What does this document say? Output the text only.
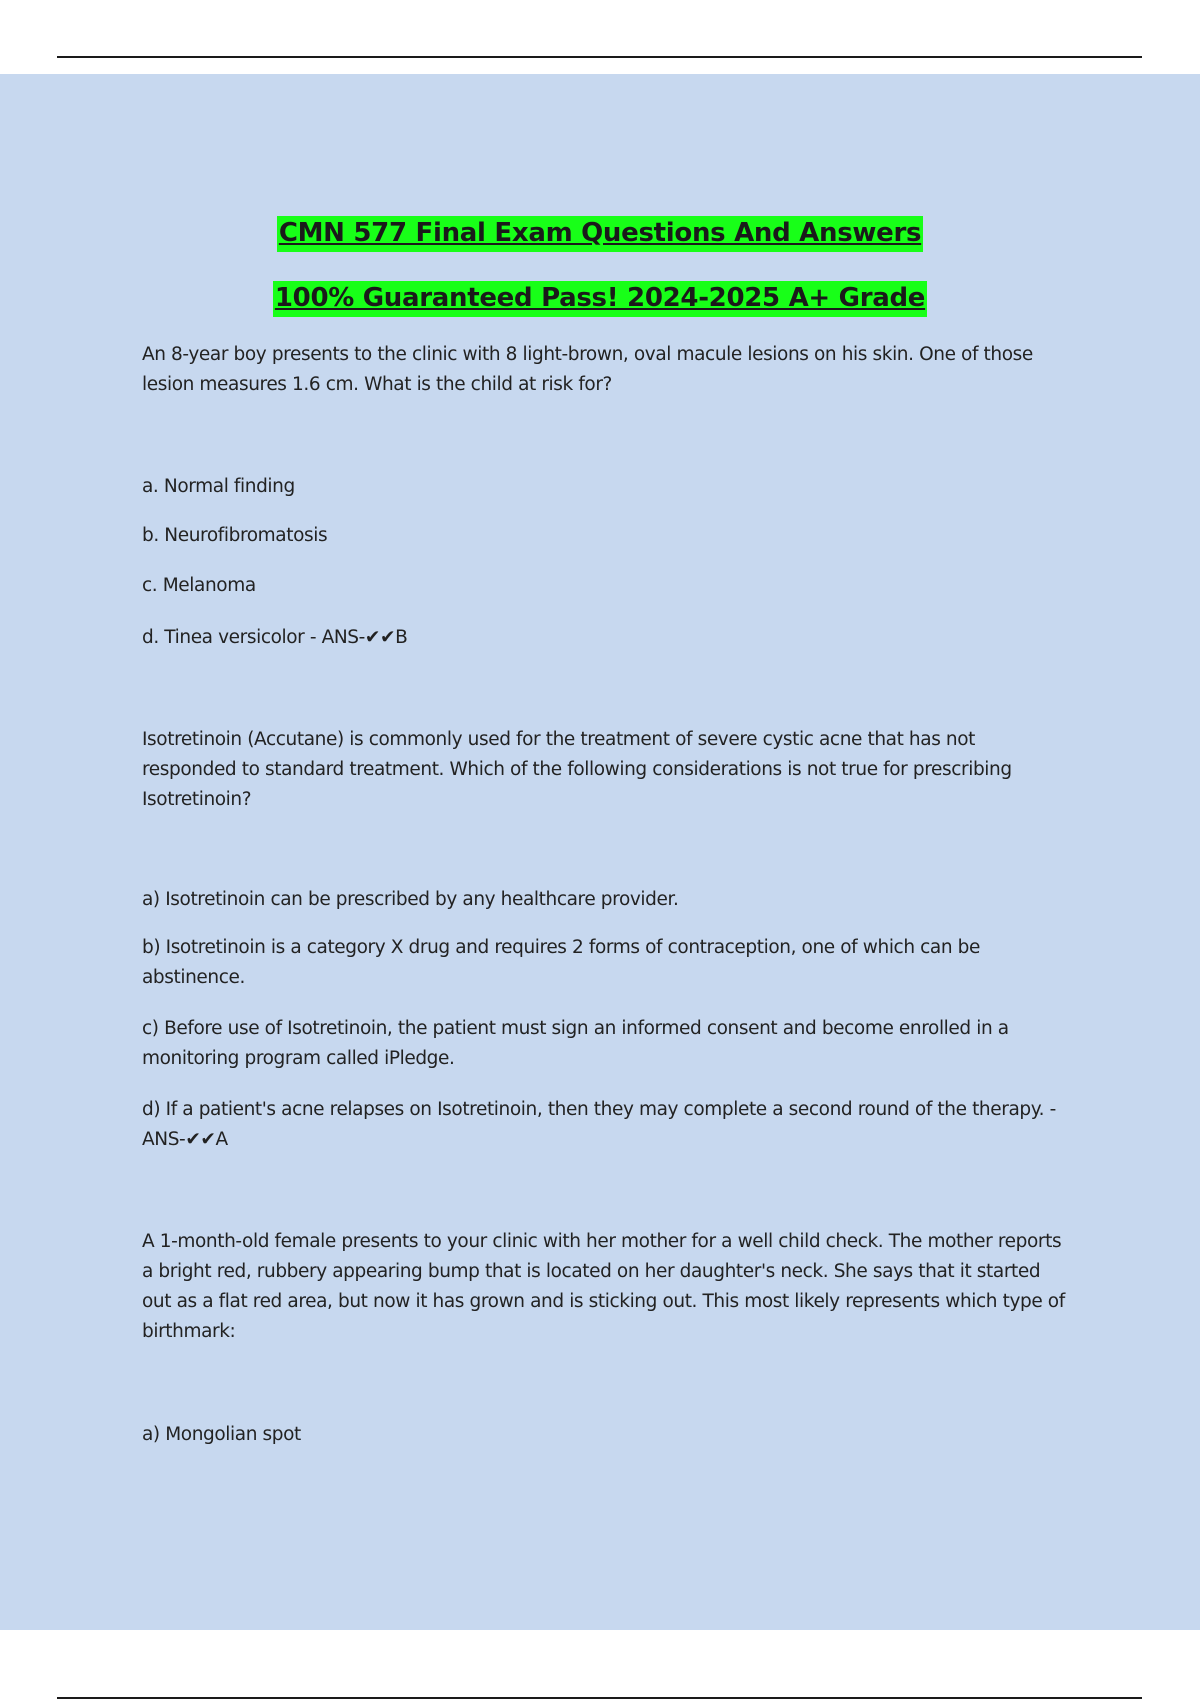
CMN 577 Final Exam Questions And Answers
100% Guaranteed Pass! 2024-2025 A+ Grade

An 8-year boy presents to the clinic with 8 light-brown, oval macule lesions on his skin. One of those lesion measures 1.6 cm. What is the child at risk for?

a. Normal finding

b. Neurofibromatosis

c. Melanoma

d. Tinea versicolor - ANS-✔✔B

Isotretinoin (Accutane) is commonly used for the treatment of severe cystic acne that has not responded to standard treatment. Which of the following considerations is not true for prescribing Isotretinoin?

a) Isotretinoin can be prescribed by any healthcare provider.

b) Isotretinoin is a category X drug and requires 2 forms of contraception, one of which can be abstinence.

c) Before use of Isotretinoin, the patient must sign an informed consent and become enrolled in a monitoring program called iPledge.

d) If a patient's acne relapses on Isotretinoin, then they may complete a second round of the therapy. - ANS-✔✔A

A 1-month-old female presents to your clinic with her mother for a well child check. The mother reports a bright red, rubbery appearing bump that is located on her daughter's neck. She says that it started out as a flat red area, but now it has grown and is sticking out. This most likely represents which type of birthmark:

a) Mongolian spot
